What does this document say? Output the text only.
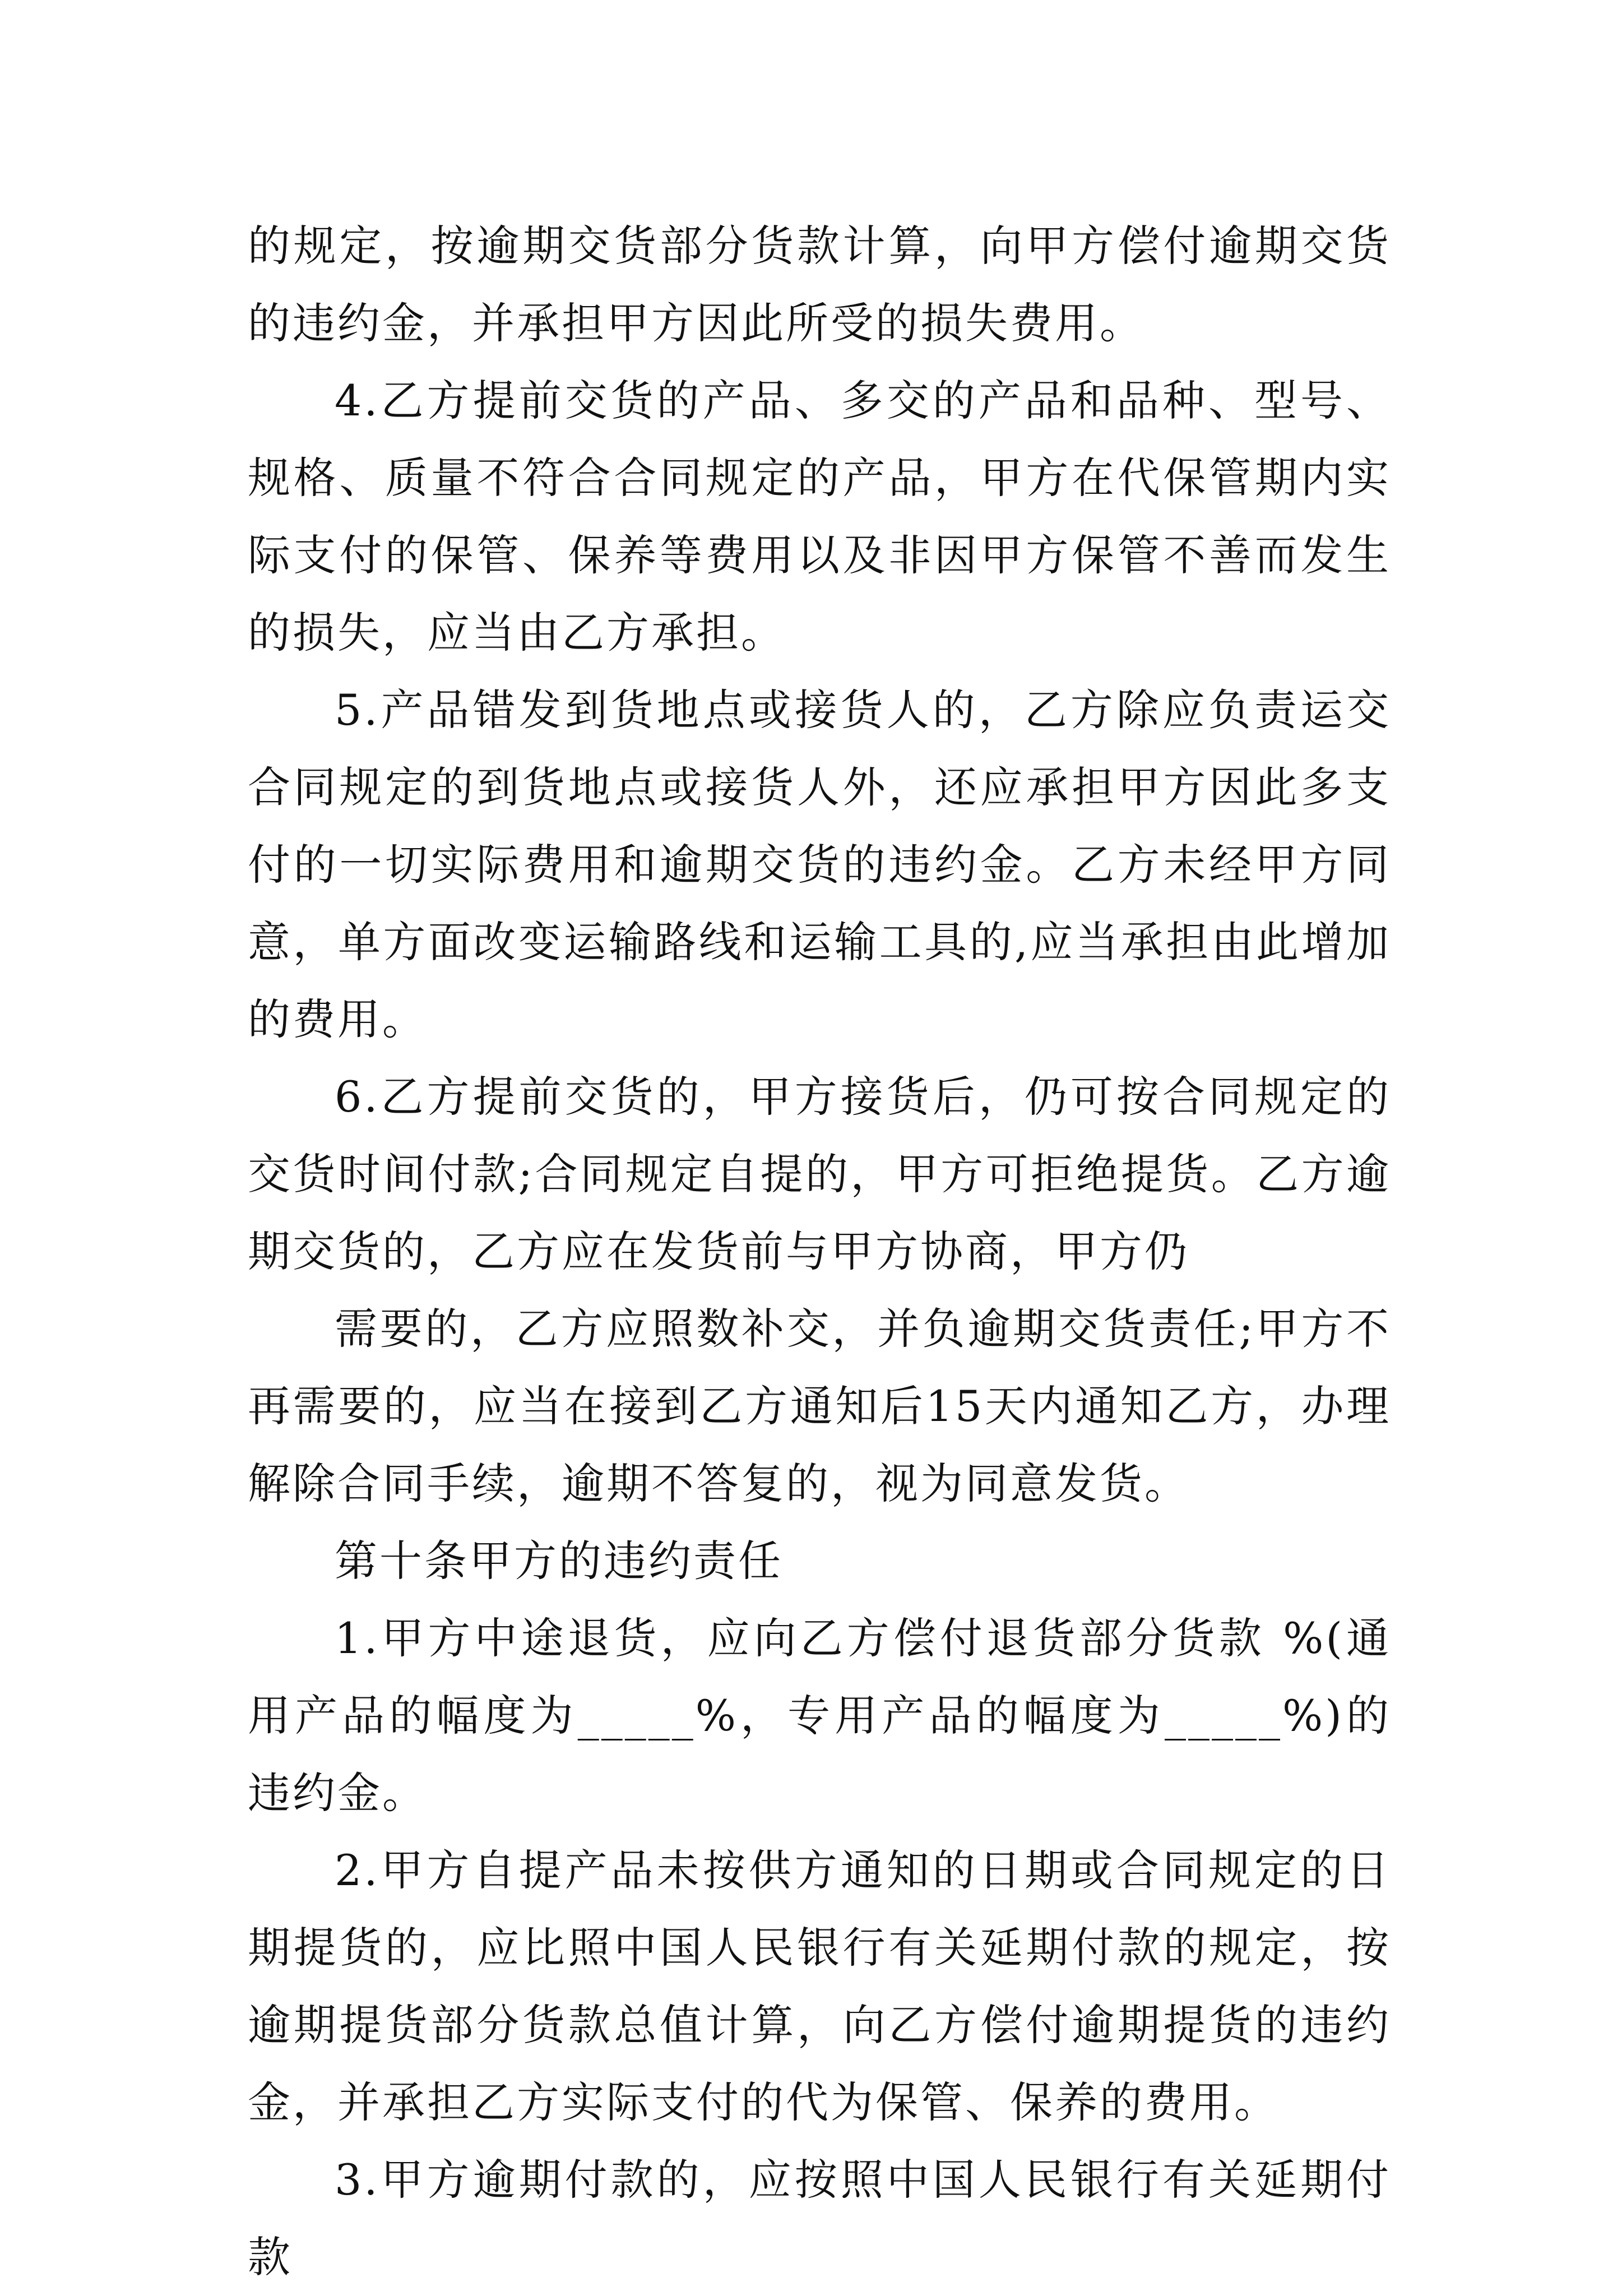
的规定，按逾期交货部分货款计算，向甲方偿付逾期交货的违约金，并承担甲方因此所受的损失费用。

4.乙方提前交货的产品、多交的产品和品种、型号、规格、质量不符合合同规定的产品，甲方在代保管期内实际支付的保管、保养等费用以及非因甲方保管不善而发生的损失，应当由乙方承担。

5.产品错发到货地点或接货人的，乙方除应负责运交合同规定的到货地点或接货人外，还应承担甲方因此多支付的一切实际费用和逾期交货的违约金。乙方未经甲方同意，单方面改变运输路线和运输工具的,应当承担由此增加的费用。

6.乙方提前交货的，甲方接货后，仍可按合同规定的交货时间付款;合同规定自提的，甲方可拒绝提货。乙方逾期交货的，乙方应在发货前与甲方协商，甲方仍

需要的，乙方应照数补交，并负逾期交货责任;甲方不再需要的，应当在接到乙方通知后15天内通知乙方，办理解除合同手续，逾期不答复的，视为同意发货。

第十条甲方的违约责任

1.甲方中途退货，应向乙方偿付退货部分货款 %(通用产品的幅度为_____%，专用产品的幅度为_____%)的违约金。

2.甲方自提产品未按供方通知的日期或合同规定的日期提货的，应比照中国人民银行有关延期付款的规定，按逾期提货部分货款总值计算，向乙方偿付逾期提货的违约金，并承担乙方实际支付的代为保管、保养的费用。

3.甲方逾期付款的，应按照中国人民银行有关延期付款
